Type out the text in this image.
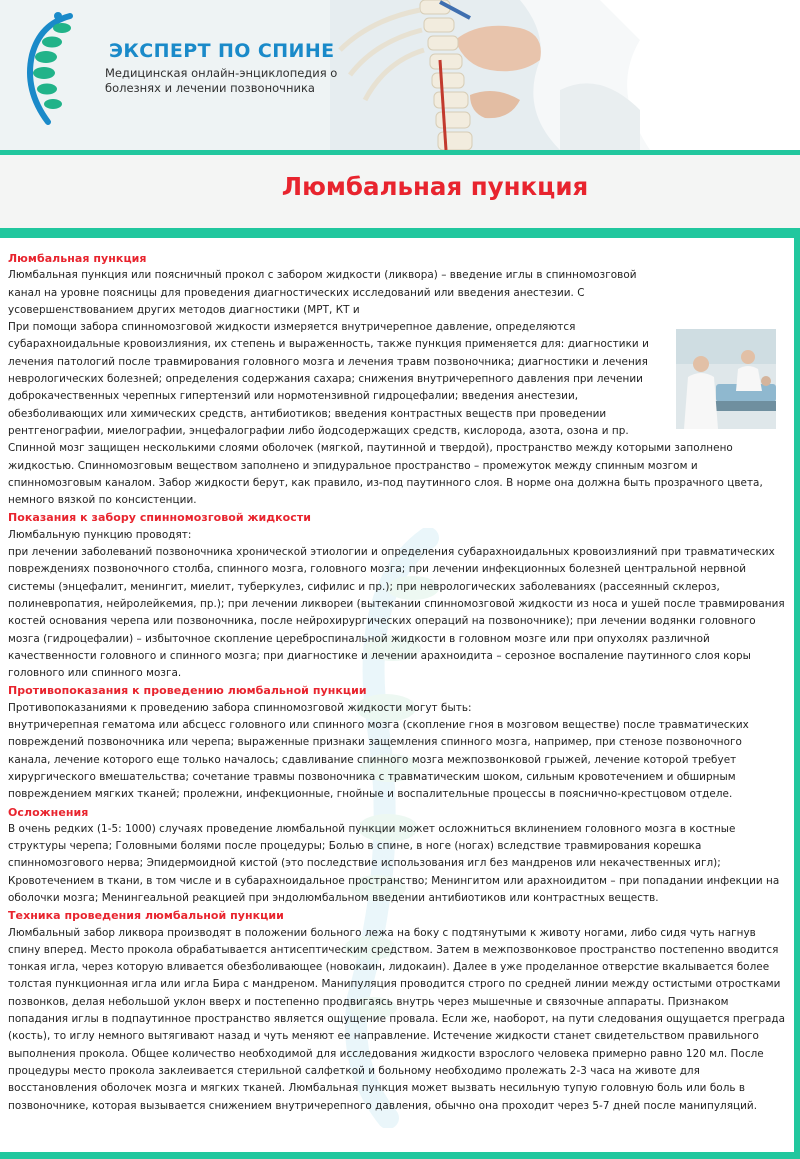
ЭКСПЕРТ ПО СПИНЕ
Медицинская онлайн-энциклопедия о болезнях и лечении позвоночника
Люмбальная пункция
Люмбальная пункция

Люмбальная пункция или поясничный прокол с забором жидкости (ликвора) – введение иглы в спинномозговой канал на уровне поясницы для проведения диагностических исследований или введения анестезии. С усовершенствованием других методов диагностики (МРТ, КТ и

При помощи забора спинномозговой жидкости измеряется внутричерепное давление, определяются субарахноидальные кровоизлияния, их степень и выраженность, также пункция применяется для: диагностики и лечения патологий после травмирования головного мозга и лечения травм позвоночника; диагностики и лечения неврологических болезней; определения содержания сахара; снижения внутричерепного давления при лечении доброкачественных черепных гипертензий или нормотензивной гидроцефалии; введения анестезии, обезболивающих или химических средств, антибиотиков; введения контрастных веществ при проведении рентгенографии, миелографии, энцефалографии либо йодсодержащих средств, кислорода, азота, озона и пр.

Спинной мозг защищен несколькими слоями оболочек (мягкой, паутинной и твердой), пространство между которыми заполнено жидкостью. Спинномозговым веществом заполнено и эпидуральное пространство – промежуток между спинным мозгом и спинномозговым каналом. Забор жидкости берут, как правило, из-под паутинного слоя. В норме она должна быть прозрачного цвета, немного вязкой по консистенции.

Показания к забору спинномозговой жидкости

Люмбальную пункцию проводят:

при лечении заболеваний позвоночника хронической этиологии и определения субарахноидальных кровоизлияний при травматических повреждениях позвоночного столба, спинного мозга, головного мозга; при лечении инфекционных болезней центральной нервной системы (энцефалит, менингит, миелит, туберкулез, сифилис и пр.); при неврологических заболеваниях (рассеянный склероз, полиневропатия, нейролейкемия, пр.); при лечении ликвореи (вытекании спинномозговой жидкости из носа и ушей после травмирования костей основания черепа или позвоночника, после нейрохирургических операций на позвоночнике); при лечении водянки головного мозга (гидроцефалии) – избыточное скопление цереброспинальной жидкости в головном мозге или при опухолях различной качественности головного и спинного мозга; при диагностике и лечении арахноидита – серозное воспаление паутинного слоя коры головного или спинного мозга.

Противопоказания к проведению люмбальной пункции

Противопоказаниями к проведению забора спинномозговой жидкости могут быть:

внутричерепная гематома или абсцесс головного или спинного мозга (скопление гноя в мозговом веществе) после травматических повреждений позвоночника или черепа; выраженные признаки защемления спинного мозга, например, при стенозе позвоночного канала, лечение которого еще только началось; сдавливание спинного мозга межпозвонковой грыжей, лечение которой требует хирургического вмешательства; сочетание травмы позвоночника с травматическим шоком, сильным кровотечением и обширным повреждением мягких тканей; пролежни, инфекционные, гнойные и воспалительные процессы в пояснично-крестцовом отделе.

Осложнения

В очень редких (1-5: 1000) случаях проведение люмбальной пункции может осложниться вклинением головного мозга в костные структуры черепа; Головными болями после процедуры; Болью в спине, в ноге (ногах) вследствие травмирования корешка спинномозгового нерва; Эпидермоидной кистой (это последствие использования игл без мандренов или некачественных игл); Кровотечением в ткани, в том числе и в субарахноидальное пространство; Менингитом или арахноидитом – при попадании инфекции на оболочки мозга; Менингеальной реакцией при эндолюмбальном введении антибиотиков или контрастных веществ.

Техника проведения люмбальной пункции

Люмбальный забор ликвора производят в положении больного лежа на боку с подтянутыми к животу ногами, либо сидя чуть нагнув спину вперед. Место прокола обрабатывается антисептическим средством. Затем в межпозвонковое пространство постепенно вводится тонкая игла, через которую вливается обезболивающее (новокаин, лидокаин). Далее в уже проделанное отверстие вкалывается более толстая пункционная игла или игла Бира с мандреном. Манипуляция проводится строго по средней линии между остистыми отростками позвонков, делая небольшой уклон вверх и постепенно продвигаясь внутрь через мышечные и связочные аппараты. Признаком попадания иглы в подпаутинное пространство является ощущение провала. Если же, наоборот, на пути следования ощущается преграда (кость), то иглу немного вытягивают назад и чуть меняют ее направление. Истечение жидкости станет свидетельством правильного выполнения прокола. Общее количество необходимой для исследования жидкости взрослого человека примерно равно 120 мл. После процедуры место прокола заклеивается стерильной салфеткой и больному необходимо пролежать 2-3 часа на животе для восстановления оболочек мозга и мягких тканей. Люмбальная пункция может вызвать несильную тупую головную боль или боль в позвоночнике, которая вызывается снижением внутричерепного давления, обычно она проходит через 5-7 дней после манипуляций.
